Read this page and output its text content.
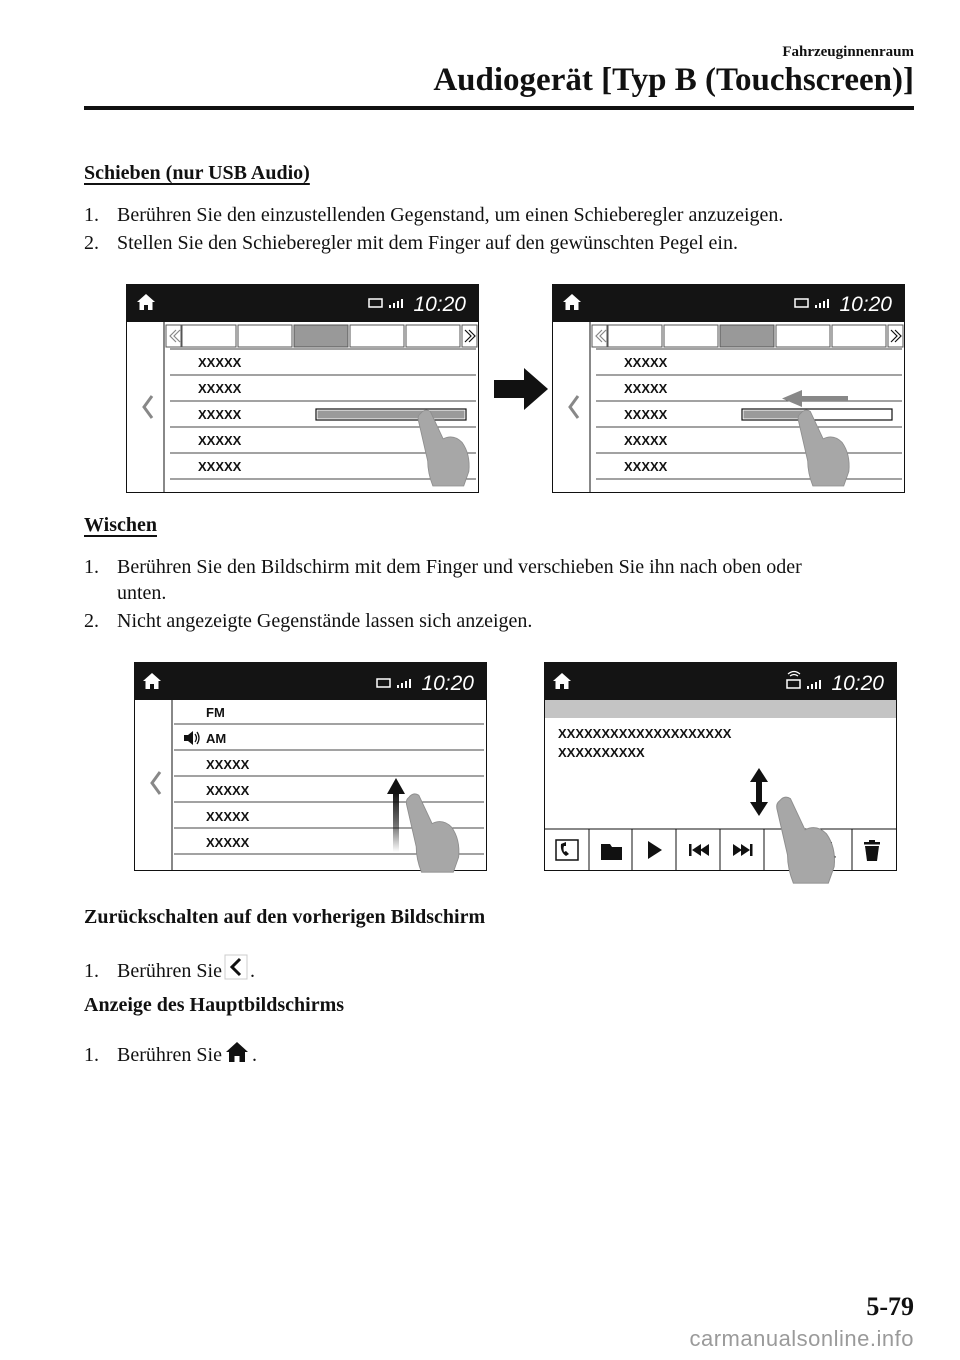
Fahrzeuginnenraum
Audiogerät [Typ B (Touchscreen)]
Schieben (nur USB Audio)
1. Berühren Sie den einzustellenden Gegenstand, um einen Schieberegler anzuzeigen.
2. Stellen Sie den Schieberegler mit dem Finger auf den gewünschten Pegel ein.
10:20
XXXXX
XXXXX
XXXXX
XXXXX
XXXXX
10:20
XXXXX
XXXXX
XXXXX
XXXXX
XXXXX
Wischen
1. Berühren Sie den Bildschirm mit dem Finger und verschieben Sie ihn nach oben oder
unten.
2. Nicht angezeigte Gegenstände lassen sich anzeigen.
10:20
FM
AM
XXXXX
XXXXX
XXXXX
XXXXX
10:20
XXXXXXXXXXXXXXXXXXXX
XXXXXXXXXX
Zurückschalten auf den vorherigen Bildschirm
1. Berühren Sie .
Anzeige des Hauptbildschirms
1. Berühren Sie .
5-79
carmanualsonline.info
